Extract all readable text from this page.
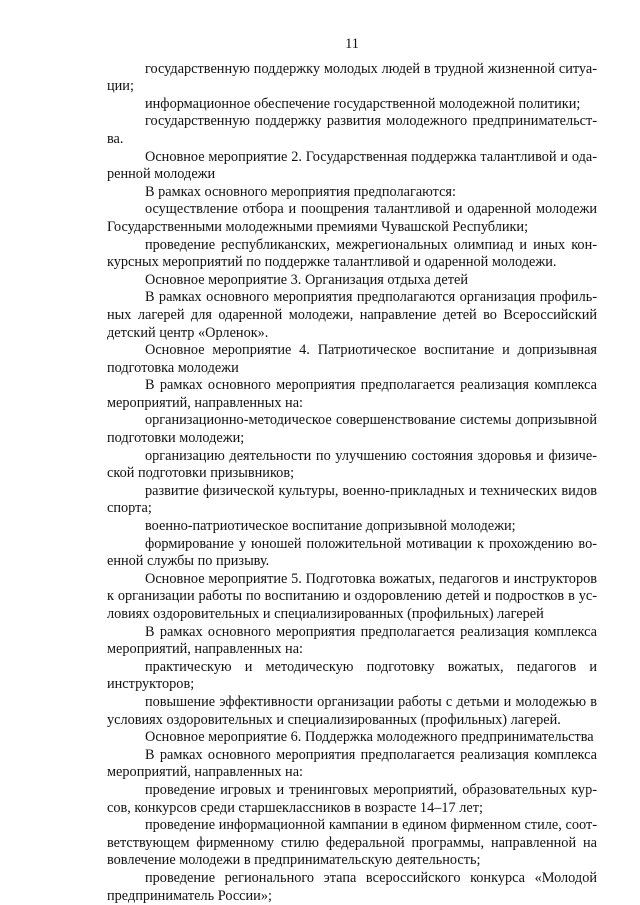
11

государственную поддержку молодых людей в трудной жизненной ситуации;

информационное обеспечение государственной молодежной политики;

государственную поддержку развития молодежного предпринимательства.

Основное мероприятие 2. Государственная поддержка талантливой и одаренной молодежи

В рамках основного мероприятия предполагаются:

осуществление отбора и поощрения талантливой и одаренной молодежи Государственными молодежными премиями Чувашской Республики;

проведение республиканских, межрегиональных олимпиад и иных конкурсных мероприятий по поддержке талантливой и одаренной молодежи.

Основное мероприятие 3. Организация отдыха детей

В рамках основного мероприятия предполагаются организация профильных лагерей для одаренной молодежи, направление детей во Всероссийский детский центр «Орленок».

Основное мероприятие 4. Патриотическое воспитание и допризывная подготовка молодежи

В рамках основного мероприятия предполагается реализация комплекса мероприятий, направленных на:

организационно-методическое совершенствование системы допризывной подготовки молодежи;

организацию деятельности по улучшению состояния здоровья и физической подготовки призывников;

развитие физической культуры, военно-прикладных и технических видов спорта;

военно-патриотическое воспитание допризывной молодежи;

формирование у юношей положительной мотивации к прохождению военной службы по призыву.

Основное мероприятие 5. Подготовка вожатых, педагогов и инструкторов к организации работы по воспитанию и оздоровлению детей и подростков в условиях оздоровительных и специализированных (профильных) лагерей

В рамках основного мероприятия предполагается реализация комплекса мероприятий, направленных на:

практическую и методическую подготовку вожатых, педагогов и инструкторов;

повышение эффективности организации работы с детьми и молодежью в условиях оздоровительных и специализированных (профильных) лагерей.

Основное мероприятие 6. Поддержка молодежного предпринимательства

В рамках основного мероприятия предполагается реализация комплекса мероприятий, направленных на:

проведение игровых и тренинговых мероприятий, образовательных курсов, конкурсов среди старшеклассников в возрасте 14–17 лет;

проведение информационной кампании в едином фирменном стиле, соответствующем фирменному стилю федеральной программы, направленной на вовлечение молодежи в предпринимательскую деятельность;

проведение регионального этапа всероссийского конкурса «Молодой предприниматель России»;
